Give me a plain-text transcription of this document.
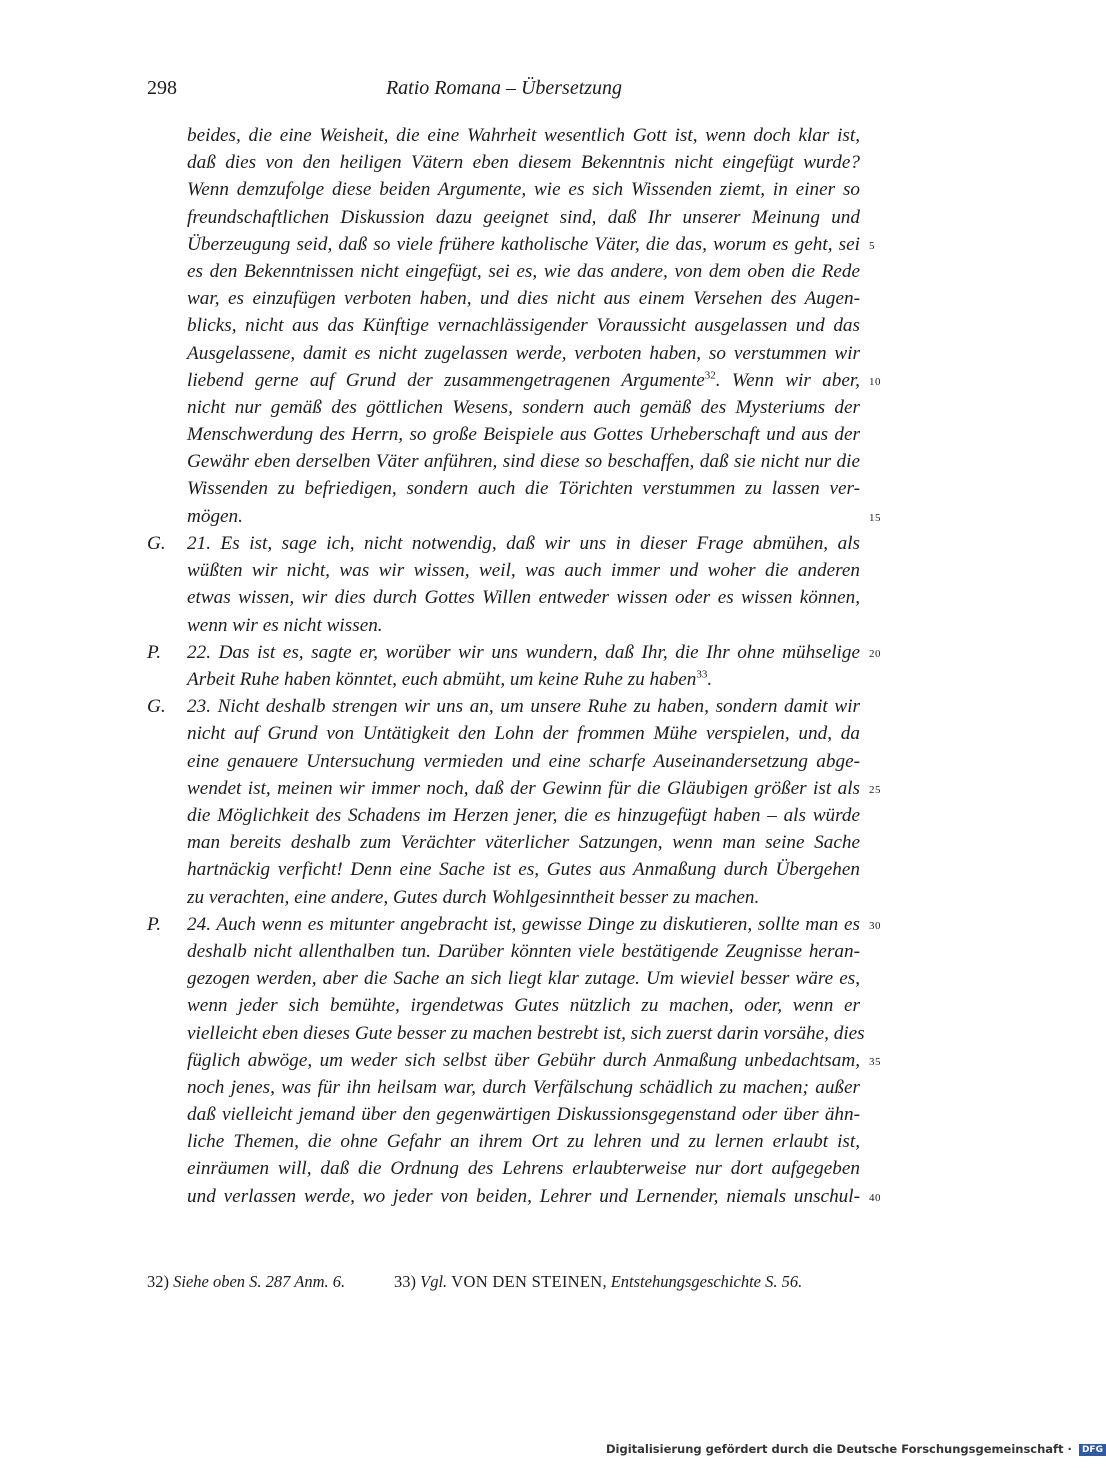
298	Ratio Romana – Übersetzung
beides, die eine Weisheit, die eine Wahrheit wesentlich Gott ist, wenn doch klar ist,
daß dies von den heiligen Vätern eben diesem Bekenntnis nicht eingefügt wurde?
Wenn demzufolge diese beiden Argumente, wie es sich Wissenden ziemt, in einer so
freundschaftlichen Diskussion dazu geeignet sind, daß Ihr unserer Meinung und
Überzeugung seid, daß so viele frühere katholische Väter, die das, worum es geht, sei 5
es den Bekenntnissen nicht eingefügt, sei es, wie das andere, von dem oben die Rede
war, es einzufügen verboten haben, und dies nicht aus einem Versehen des Augen-
blicks, nicht aus das Künftige vernachlässigender Voraussicht ausgelassen und das
Ausgelassene, damit es nicht zugelassen werde, verboten haben, so verstummen wir
liebend gerne auf Grund der zusammengetragenen Argumente$^{32}$. Wenn wir aber, 10
nicht nur gemäß des göttlichen Wesens, sondern auch gemäß des Mysteriums der
Menschwerdung des Herrn, so große Beispiele aus Gottes Urheberschaft und aus der
Gewähr eben derselben Väter anführen, sind diese so beschaffen, daß sie nicht nur die
Wissenden zu befriedigen, sondern auch die Törichten verstummen zu lassen ver-
mögen.	15
G. 21. Es ist, sage ich, nicht notwendig, daß wir uns in dieser Frage abmühen, als
wüßten wir nicht, was wir wissen, weil, was auch immer und woher die anderen
etwas wissen, wir dies durch Gottes Willen entweder wissen oder es wissen können,
wenn wir es nicht wissen.
P. 22. Das ist es, sagte er, worüber wir uns wundern, daß Ihr, die Ihr ohne mühselige 20
Arbeit Ruhe haben könntet, euch abmüht, um keine Ruhe zu haben$^{33}$.
G. 23. Nicht deshalb strengen wir uns an, um unsere Ruhe zu haben, sondern damit wir
nicht auf Grund von Untätigkeit den Lohn der frommen Mühe verspielen, und, da
eine genauere Untersuchung vermieden und eine scharfe Auseinandersetzung abge-
wendet ist, meinen wir immer noch, daß der Gewinn für die Gläubigen größer ist als 25
die Möglichkeit des Schadens im Herzen jener, die es hinzugefügt haben – als würde
man bereits deshalb zum Verächter väterlicher Satzungen, wenn man seine Sache
hartnäckig verficht! Denn eine Sache ist es, Gutes aus Anmaßung durch Übergehen
zu verachten, eine andere, Gutes durch Wohlgesinntheit besser zu machen.
P. 24. Auch wenn es mitunter angebracht ist, gewisse Dinge zu diskutieren, sollte man es 30
deshalb nicht allenthalben tun. Darüber könnten viele bestätigende Zeugnisse heran-
gezogen werden, aber die Sache an sich liegt klar zutage. Um wieviel besser wäre es,
wenn jeder sich bemühte, irgendetwas Gutes nützlich zu machen, oder, wenn er
vielleicht eben dieses Gute besser zu machen bestrebt ist, sich zuerst darin vorsähe, dies
füglich abwöge, um weder sich selbst über Gebühr durch Anmaßung unbedachtsam, 35
noch jenes, was für ihn heilsam war, durch Verfälschung schädlich zu machen; außer
daß vielleicht jemand über den gegenwärtigen Diskussionsgegenstand oder über ähn-
liche Themen, die ohne Gefahr an ihrem Ort zu lehren und zu lernen erlaubt ist,
einräumen will, daß die Ordnung des Lehrens erlaubterweise nur dort aufgegeben
und verlassen werde, wo jeder von beiden, Lehrer und Lernender, niemals unschul- 40
32) Siehe oben S. 287 Anm. 6.	33) Vgl. VON DEN STEINEN, Entstehungsgeschichte S. 56.
Digitalisierung gefördert durch die Deutsche Forschungsgemeinschaft · DFG
